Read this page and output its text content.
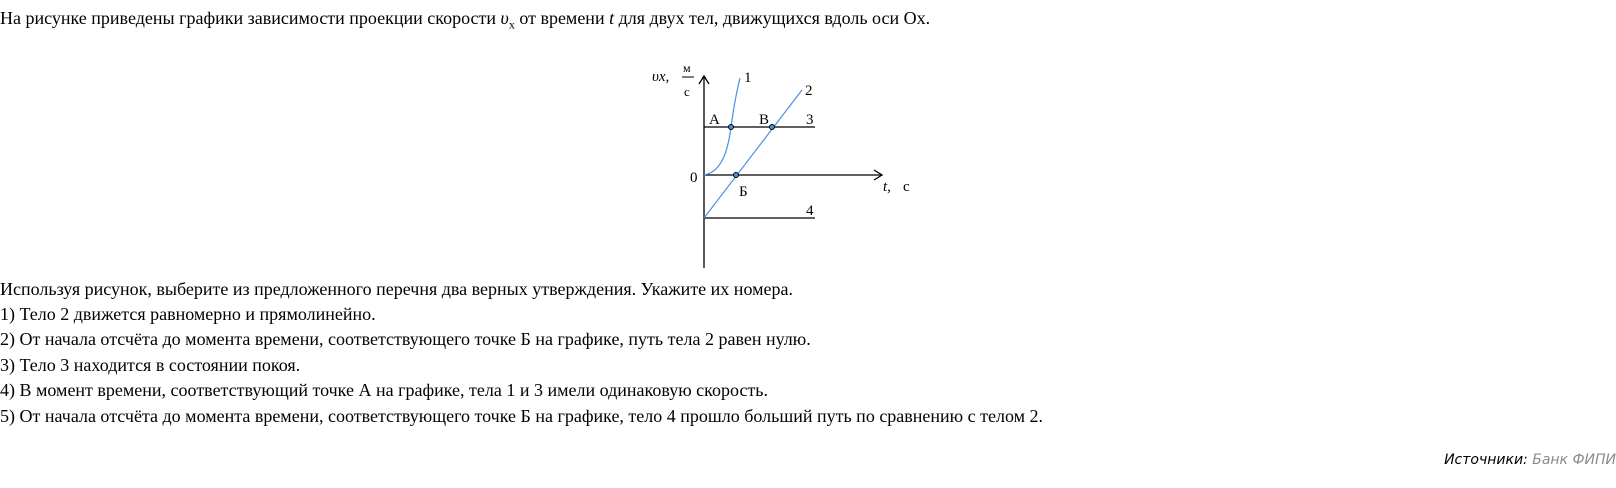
На рисунке приведены графики зависимости проекции скорости $\upsilon_x$ от времени t для двух тел, движущихся вдоль оси Ox.
υx,
м
с
0
t, с
1
2
3
4
А	В
Б
Используя рисунок, выберите из предложенного перечня два верных утверждения. Укажите их номера.
1) Тело 2 движется равномерно и прямолинейно.
2) От начала отсчёта до момента времени, соответствующего точке Б на графике, путь тела 2 равен нулю.
3) Тело 3 находится в состоянии покоя.
4) В момент времени, соответствующий точке А на графике, тела 1 и 3 имели одинаковую скорость.
5) От начала отсчёта до момента времени, соответствующего точке Б на графике, тело 4 прошло больший путь по сравнению с телом 2.
Источники: Банк ФИПИ
